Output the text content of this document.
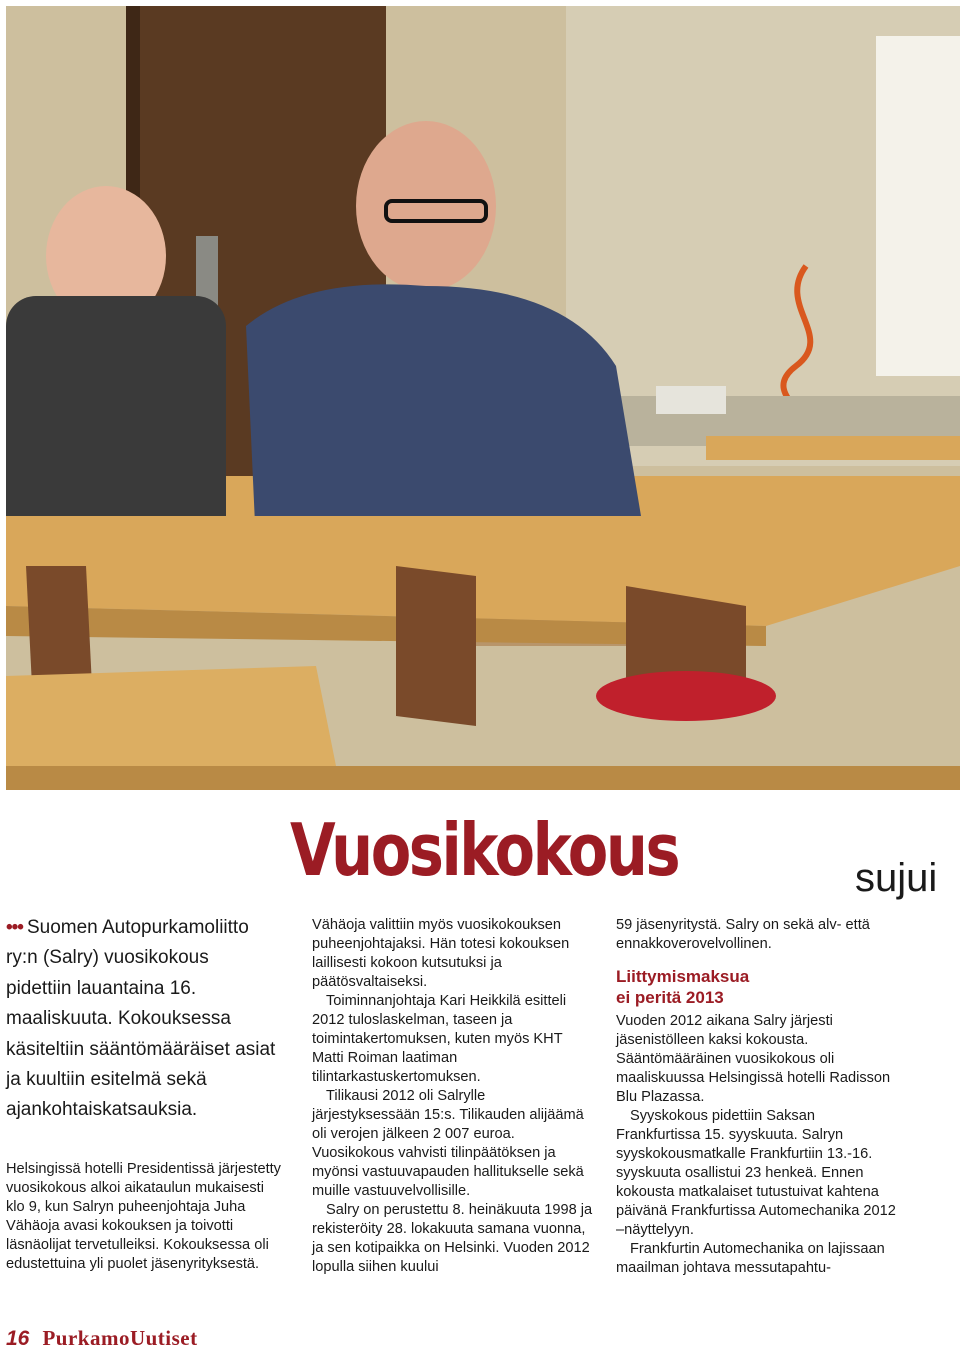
Vuosikokous	sujui
••• Suomen Autopurkamoliitto ry:n (Salry) vuosikokous pidettiin lauantaina 16. maaliskuuta. Kokouksessa käsiteltiin sääntömääräiset asiat ja kuultiin esitelmä sekä ajankohtaiskatsauksia.

Helsingissä hotelli Presidentissä järjestetty vuosikokous alkoi aikataulun mukaisesti klo 9, kun Salryn puheenjohtaja Juha Vähäoja avasi kokouksen ja toivotti läsnäolijat tervetulleiksi. Kokouksessa oli edustettuina yli puolet jäsenyrityksestä.

Vähäoja valittiin myös vuosikokouksen puheenjohtajaksi. Hän totesi kokouksen laillisesti kokoon kutsutuksi ja päätösvaltaiseksi.

Toiminnanjohtaja Kari Heikkilä esitteli 2012 tuloslaskelman, taseen ja toimintakertomuksen, kuten myös KHT Matti Roiman laatiman tilintarkastuskertomuksen.

Tilikausi 2012 oli Salrylle järjestyksessään 15:s. Tilikauden alijäämä oli verojen jälkeen 2 007 euroa. Vuosikokous vahvisti tilinpäätöksen ja myönsi vastuuvapauden hallitukselle sekä muille vastuuvelvollisille.

Salry on perustettu 8. heinäkuuta 1998 ja rekisteröity 28. lokakuuta samana vuonna, ja sen kotipaikka on Helsinki. Vuoden 2012 lopulla siihen kuului

59 jäsenyritystä. Salry on sekä alv- että ennakkoverovelvollinen.

Liittymismaksua
ei peritä 2013

Vuoden 2012 aikana Salry järjesti jäsenistölleen kaksi kokousta. Sääntömääräinen vuosikokous oli maaliskuussa Helsingissä hotelli Radisson Blu Plazassa.

Syyskokous pidettiin Saksan Frankfurtissa 15. syyskuuta. Salryn syyskokousmatkalle Frankfurtiin 13.-16. syyskuuta osallistui 23 henkeä. Ennen kokousta matkalaiset tutustuivat kahtena päivänä Frankfurtissa Automechanika 2012 –näyttelyyn.

Frankfurtin Automechanika on lajissaan maailman johtava messutapahtu-

16 PurkamoUutiset
